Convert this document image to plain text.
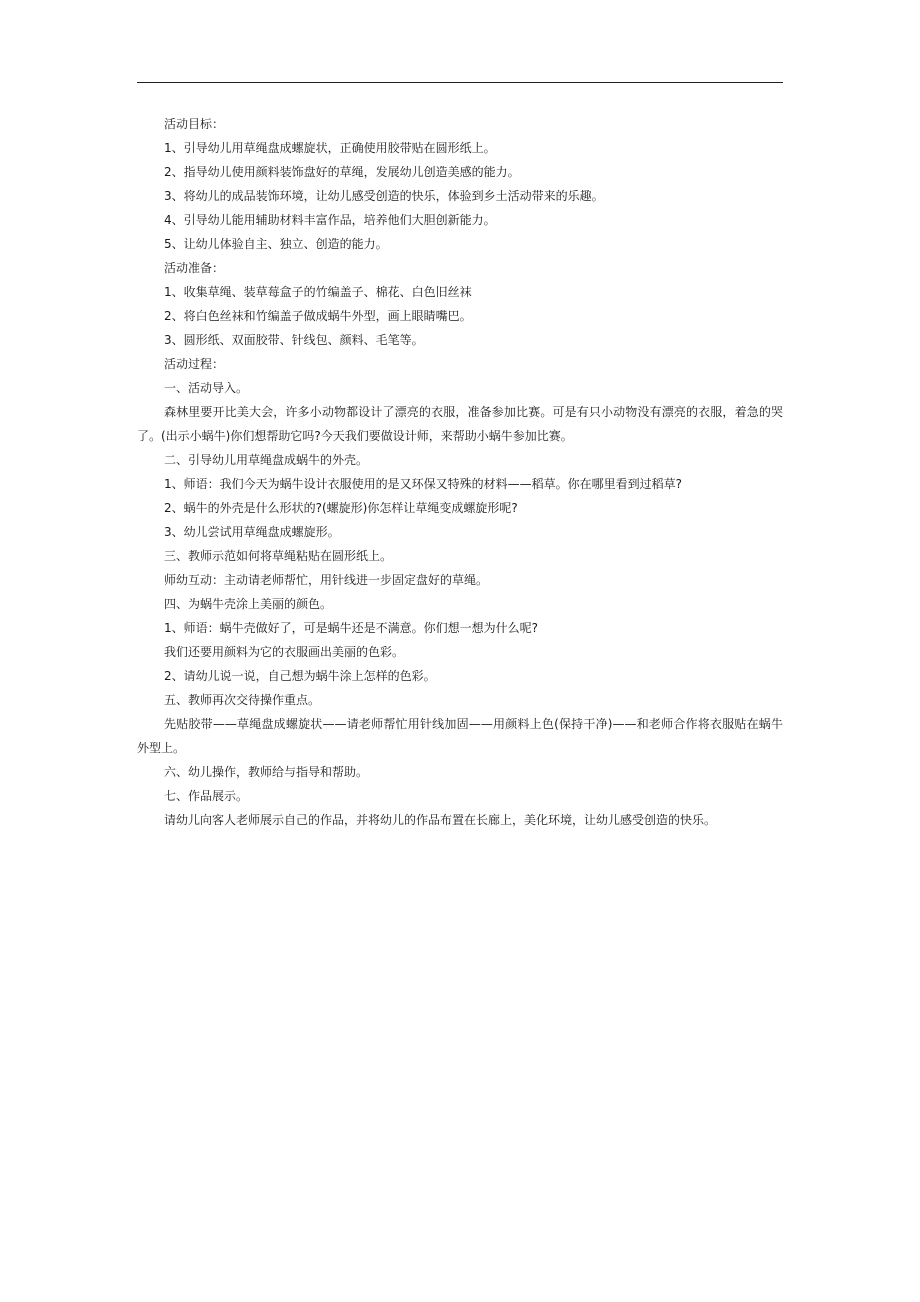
活动目标：
1、引导幼儿用草绳盘成螺旋状，正确使用胶带贴在圆形纸上。
2、指导幼儿使用颜料装饰盘好的草绳，发展幼儿创造美感的能力。
3、将幼儿的成品装饰环境，让幼儿感受创造的快乐，体验到乡土活动带来的乐趣。
4、引导幼儿能用辅助材料丰富作品，培养他们大胆创新能力。
5、让幼儿体验自主、独立、创造的能力。
活动准备：
1、收集草绳、装草莓盒子的竹编盖子、棉花、白色旧丝袜
2、将白色丝袜和竹编盖子做成蜗牛外型，画上眼睛嘴巴。
3、圆形纸、双面胶带、针线包、颜料、毛笔等。
活动过程：
一、活动导入。
森林里要开比美大会，许多小动物都设计了漂亮的衣服，准备参加比赛。可是有只小动物没有漂亮的衣服，着急的哭了。(出示小蜗牛)你们想帮助它吗?今天我们要做设计师，来帮助小蜗牛参加比赛。
二、引导幼儿用草绳盘成蜗牛的外壳。
1、师语：我们今天为蜗牛设计衣服使用的是又环保又特殊的材料——稻草。你在哪里看到过稻草?
2、蜗牛的外壳是什么形状的?(螺旋形)你怎样让草绳变成螺旋形呢?
3、幼儿尝试用草绳盘成螺旋形。
三、教师示范如何将草绳粘贴在圆形纸上。
师幼互动：主动请老师帮忙，用针线进一步固定盘好的草绳。
四、为蜗牛壳涂上美丽的颜色。
1、师语：蜗牛壳做好了，可是蜗牛还是不满意。你们想一想为什么呢?
我们还要用颜料为它的衣服画出美丽的色彩。
2、请幼儿说一说，自己想为蜗牛涂上怎样的色彩。
五、教师再次交待操作重点。
先贴胶带——草绳盘成螺旋状——请老师帮忙用针线加固——用颜料上色(保持干净)——和老师合作将衣服贴在蜗牛外型上。
六、幼儿操作，教师给与指导和帮助。
七、作品展示。
请幼儿向客人老师展示自己的作品，并将幼儿的作品布置在长廊上，美化环境，让幼儿感受创造的快乐。
